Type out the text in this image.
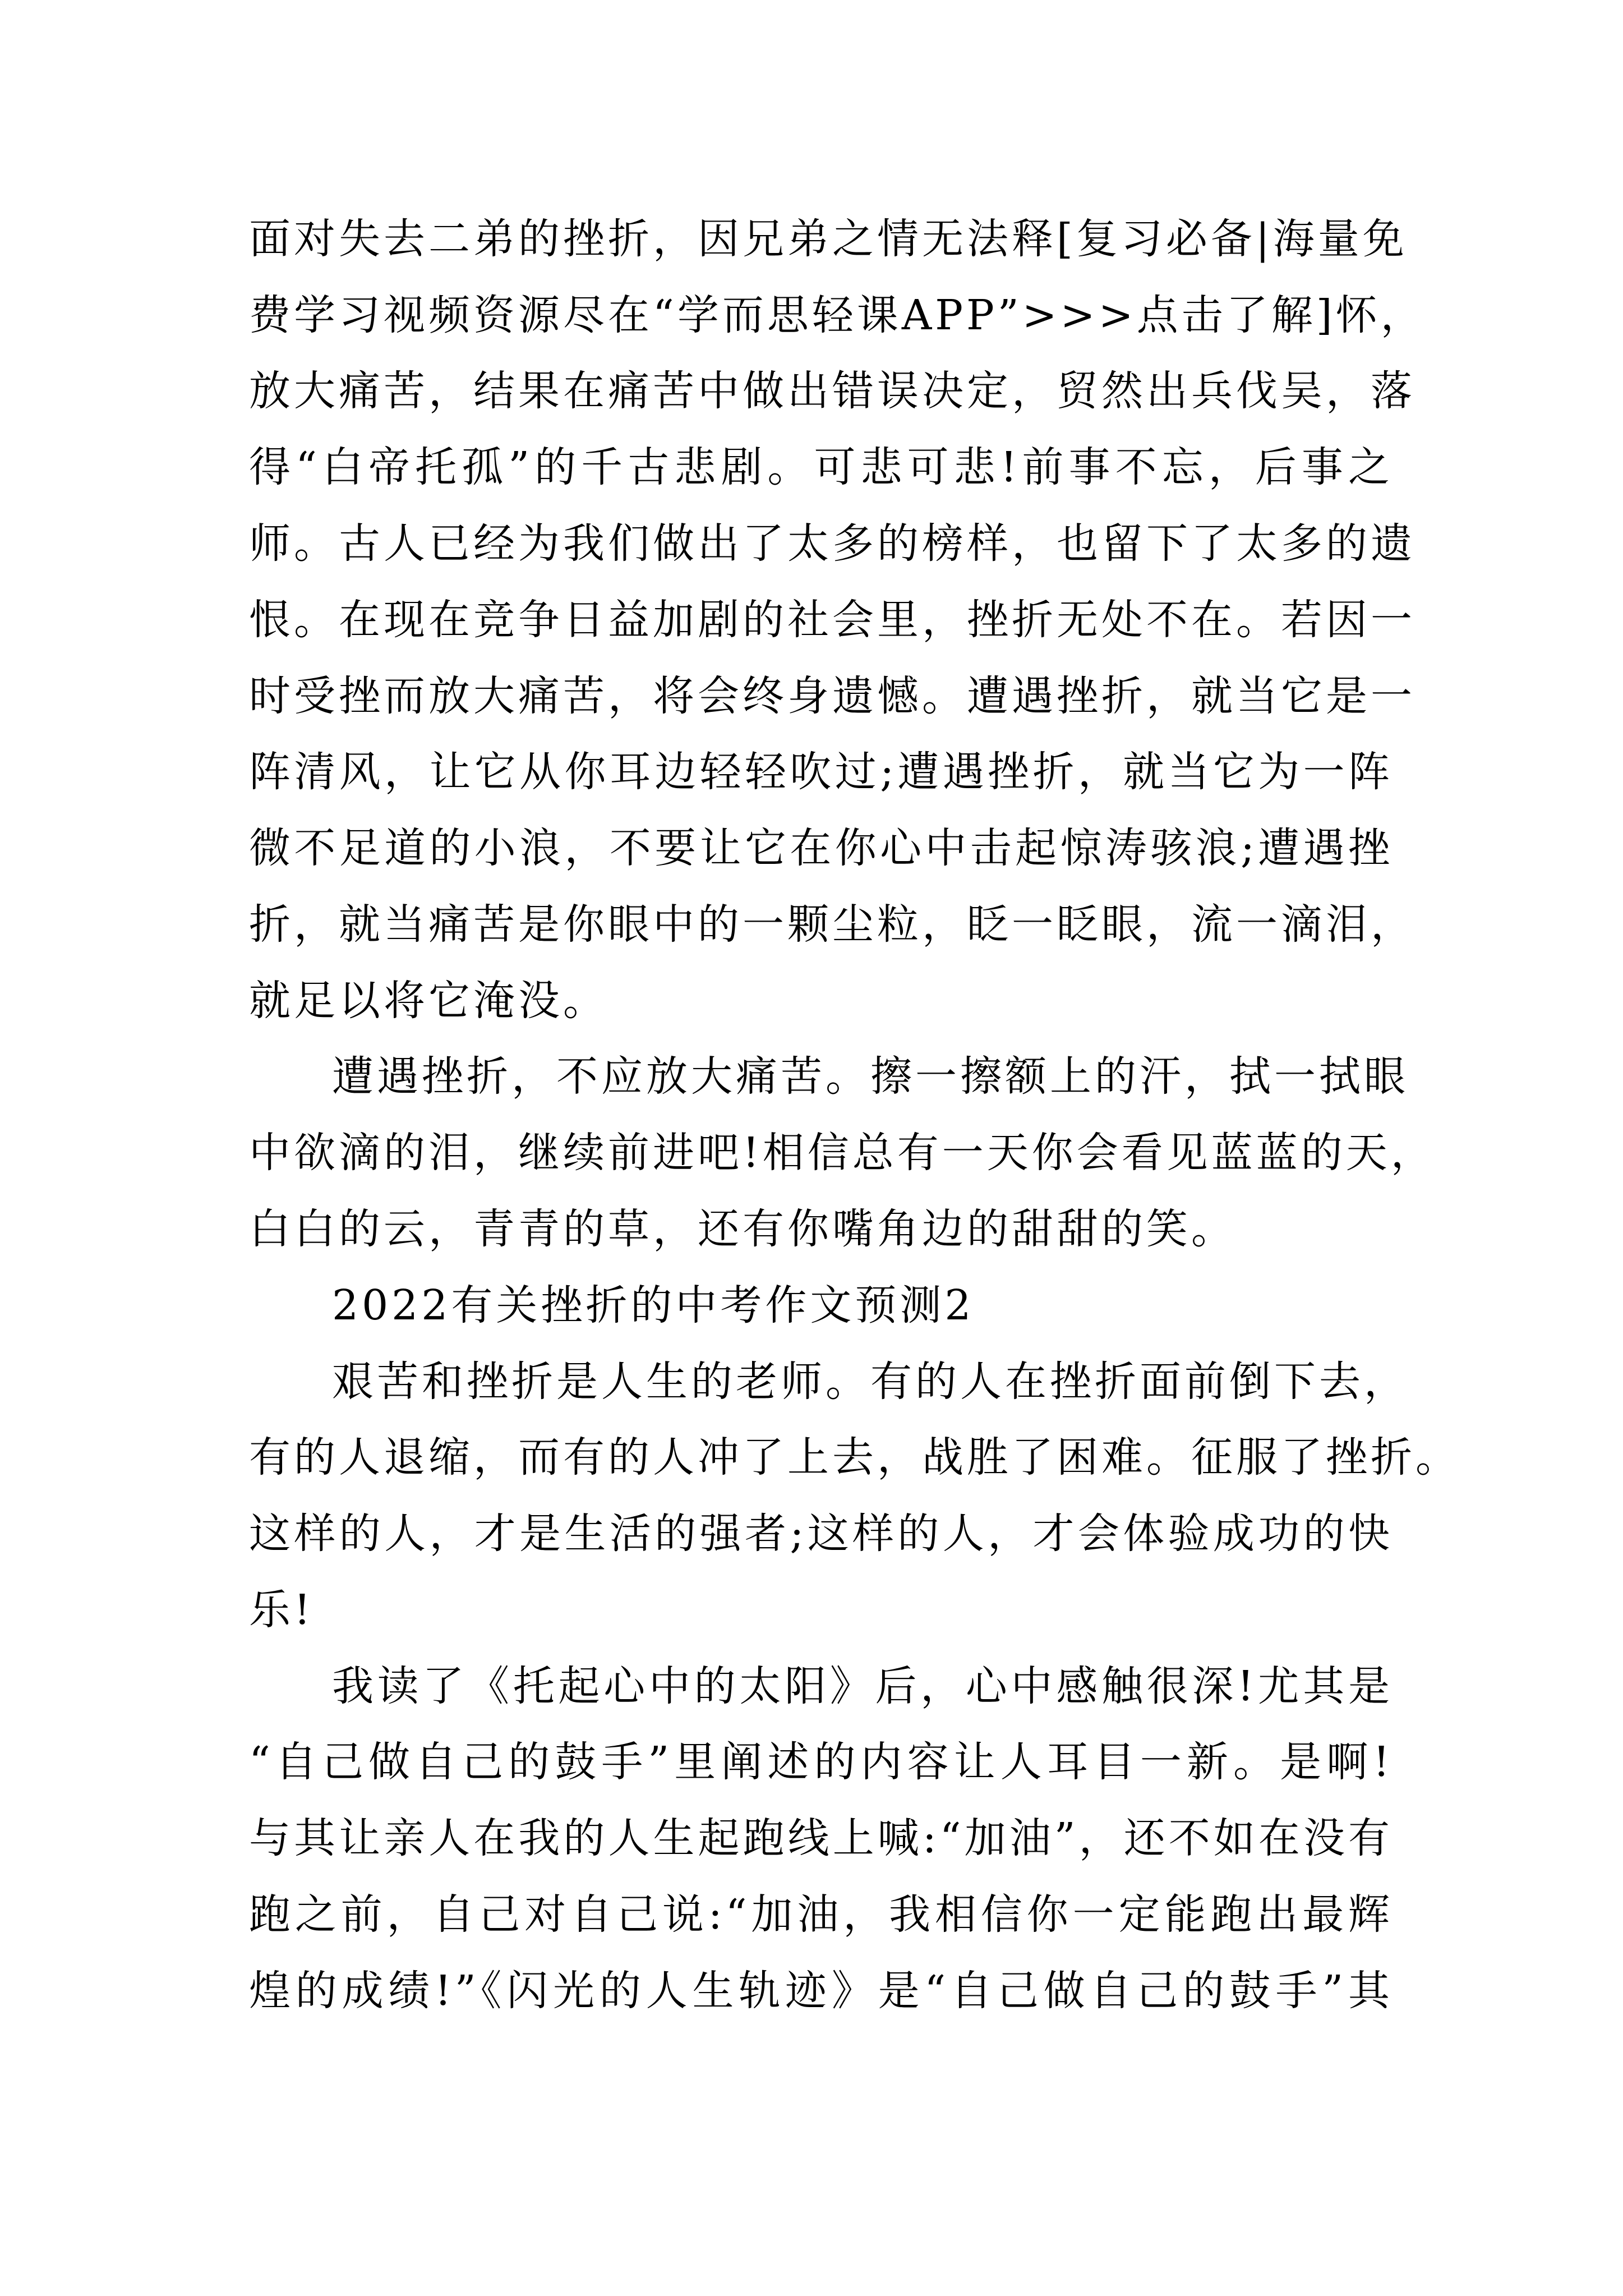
面对失去二弟的挫折，因兄弟之情无法释[复习必备|海量免
费学习视频资源尽在“学而思轻课APP”>>>点击了解]怀，
放大痛苦，结果在痛苦中做出错误决定，贸然出兵伐吴，落
得“白帝托孤”的千古悲剧。可悲可悲!前事不忘，后事之
师。古人已经为我们做出了太多的榜样，也留下了太多的遗
恨。在现在竞争日益加剧的社会里，挫折无处不在。若因一
时受挫而放大痛苦，将会终身遗憾。遭遇挫折，就当它是一
阵清风，让它从你耳边轻轻吹过;遭遇挫折，就当它为一阵
微不足道的小浪，不要让它在你心中击起惊涛骇浪;遭遇挫
折，就当痛苦是你眼中的一颗尘粒，眨一眨眼，流一滴泪，
就足以将它淹没。
遭遇挫折，不应放大痛苦。擦一擦额上的汗，拭一拭眼
中欲滴的泪，继续前进吧!相信总有一天你会看见蓝蓝的天，
白白的云，青青的草，还有你嘴角边的甜甜的笑。
2022有关挫折的中考作文预测2
艰苦和挫折是人生的老师。有的人在挫折面前倒下去，
有的人退缩，而有的人冲了上去，战胜了困难。征服了挫折。
这样的人，才是生活的强者;这样的人，才会体验成功的快
乐!
我读了《托起心中的太阳》后，心中感触很深!尤其是
“自己做自己的鼓手”里阐述的内容让人耳目一新。是啊!
与其让亲人在我的人生起跑线上喊:“加油”，还不如在没有
跑之前，自己对自己说:“加油，我相信你一定能跑出最辉
煌的成绩!”《闪光的人生轨迹》是“自己做自己的鼓手”其
